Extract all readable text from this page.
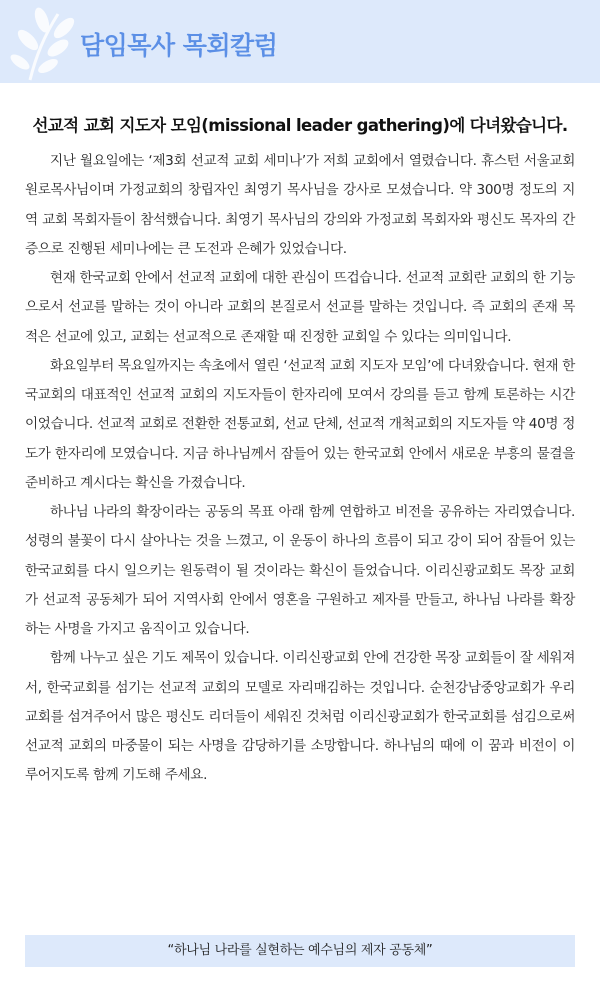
담임목사 목회칼럼
선교적 교회 지도자 모임(missional leader gathering)에 다녀왔습니다.

지난 월요일에는 ‘제3회 선교적 교회 세미나’가 저희 교회에서 열렸습니다. 휴스턴 서울교회 원로목사님이며 가정교회의 창립자인 최영기 목사님을 강사로 모셨습니다. 약 300명 정도의 지역 교회 목회자들이 참석했습니다. 최영기 목사님의 강의와 가정교회 목회자와 평신도 목자의 간증으로 진행된 세미나에는 큰 도전과 은혜가 있었습니다.

현재 한국교회 안에서 선교적 교회에 대한 관심이 뜨겁습니다. 선교적 교회란 교회의 한 기능으로서 선교를 말하는 것이 아니라 교회의 본질로서 선교를 말하는 것입니다. 즉 교회의 존재 목적은 선교에 있고, 교회는 선교적으로 존재할 때 진정한 교회일 수 있다는 의미입니다.

화요일부터 목요일까지는 속초에서 열린 ‘선교적 교회 지도자 모임’에 다녀왔습니다. 현재 한국교회의 대표적인 선교적 교회의 지도자들이 한자리에 모여서 강의를 듣고 함께 토론하는 시간이었습니다. 선교적 교회로 전환한 전통교회, 선교 단체, 선교적 개척교회의 지도자들 약 40명 정도가 한자리에 모였습니다. 지금 하나님께서 잠들어 있는 한국교회 안에서 새로운 부흥의 물결을 준비하고 계시다는 확신을 가졌습니다.

하나님 나라의 확장이라는 공동의 목표 아래 함께 연합하고 비전을 공유하는 자리였습니다. 성령의 불꽃이 다시 살아나는 것을 느꼈고, 이 운동이 하나의 흐름이 되고 강이 되어 잠들어 있는 한국교회를 다시 일으키는 원동력이 될 것이라는 확신이 들었습니다. 이리신광교회도 목장 교회가 선교적 공동체가 되어 지역사회 안에서 영혼을 구원하고 제자를 만들고, 하나님 나라를 확장하는 사명을 가지고 움직이고 있습니다.

함께 나누고 싶은 기도 제목이 있습니다. 이리신광교회 안에 건강한 목장 교회들이 잘 세워져서, 한국교회를 섬기는 선교적 교회의 모델로 자리매김하는 것입니다. 순천강남중앙교회가 우리 교회를 섬겨주어서 많은 평신도 리더들이 세워진 것처럼 이리신광교회가 한국교회를 섬김으로써 선교적 교회의 마중물이 되는 사명을 감당하기를 소망합니다. 하나님의 때에 이 꿈과 비전이 이루어지도록 함께 기도해 주세요.

“하나님 나라를 실현하는 예수님의 제자 공동체”
